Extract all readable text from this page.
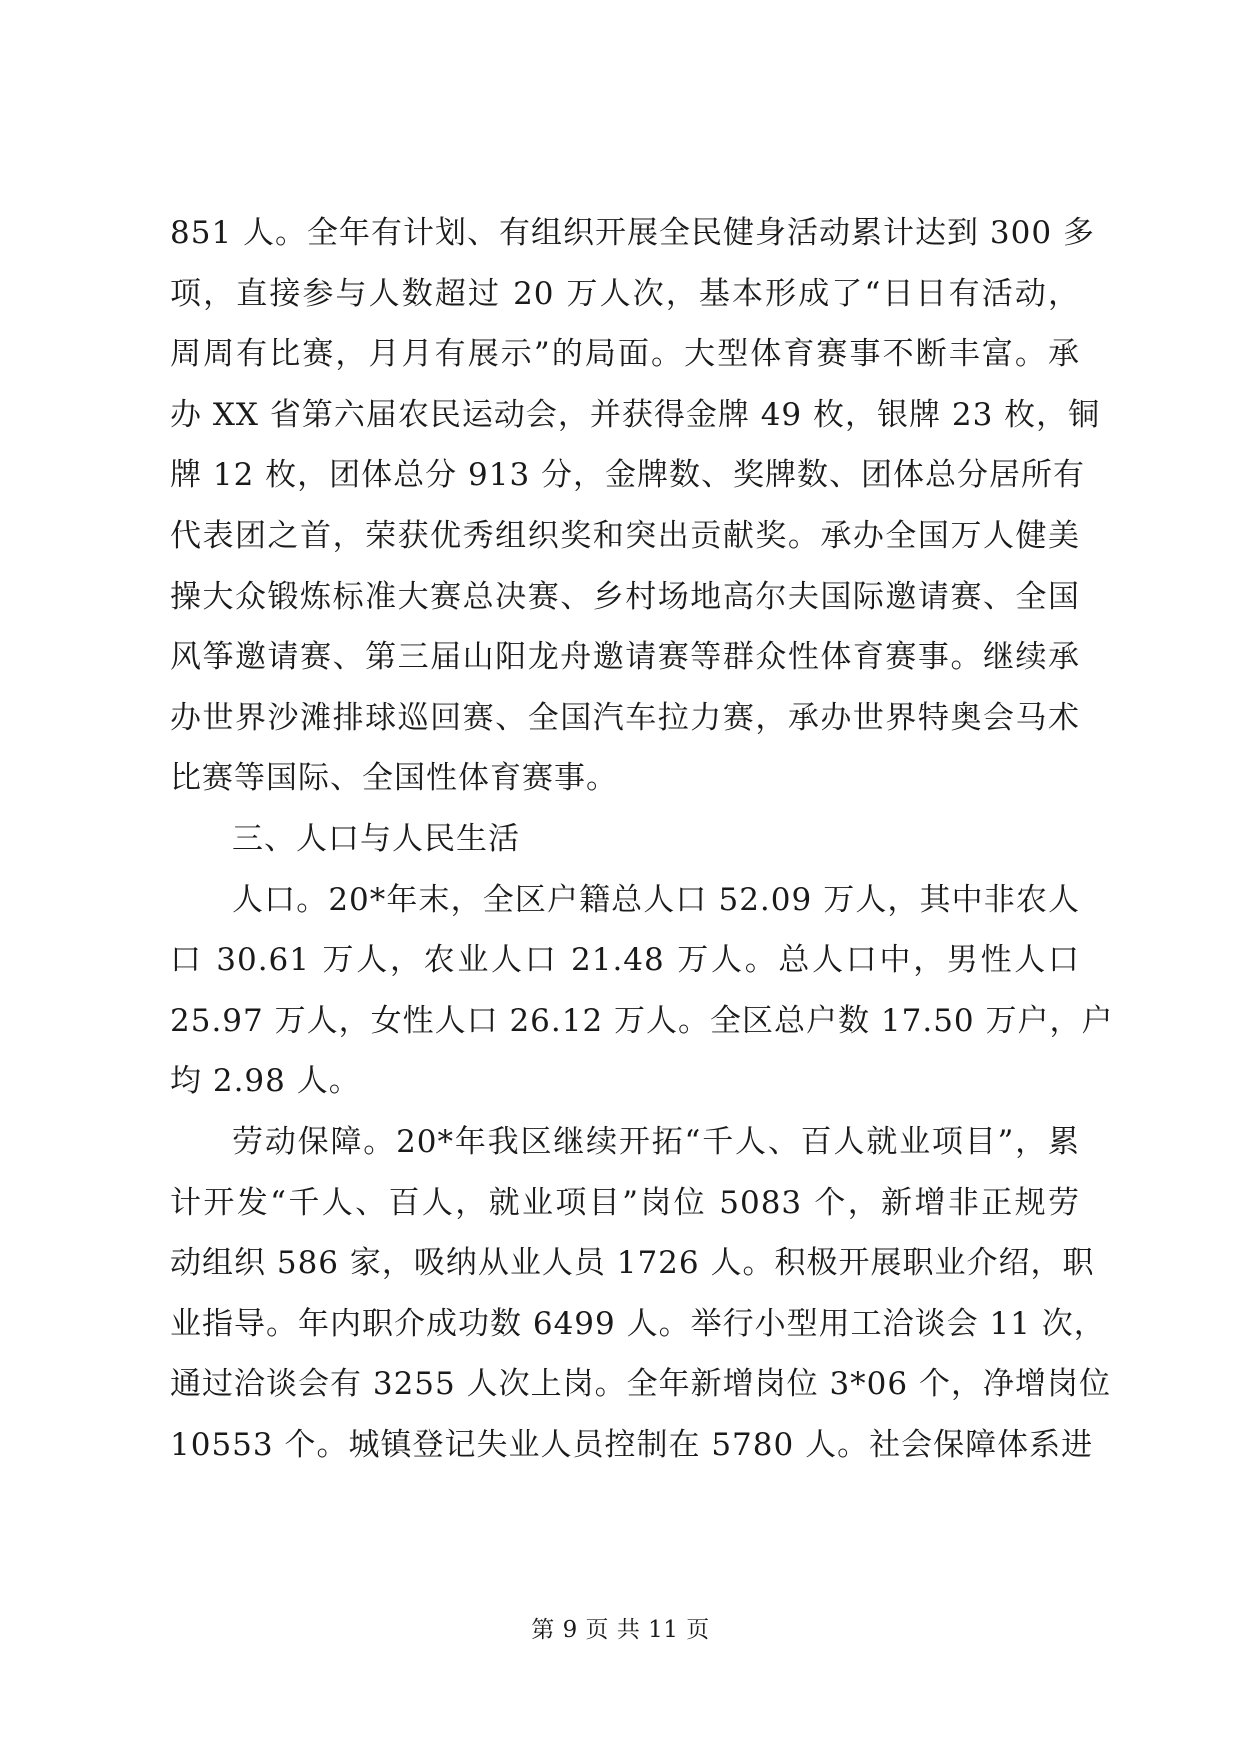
851 人。全年有计划、有组织开展全民健身活动累计达到 300 多
项，直接参与人数超过 20 万人次，基本形成了“日日有活动，
周周有比赛，月月有展示”的局面。大型体育赛事不断丰富。承
办 XX 省第六届农民运动会，并获得金牌 49 枚，银牌 23 枚，铜
牌 12 枚，团体总分 913 分，金牌数、奖牌数、团体总分居所有
代表团之首，荣获优秀组织奖和突出贡献奖。承办全国万人健美
操大众锻炼标准大赛总决赛、乡村场地高尔夫国际邀请赛、全国
风筝邀请赛、第三届山阳龙舟邀请赛等群众性体育赛事。继续承
办世界沙滩排球巡回赛、全国汽车拉力赛，承办世界特奥会马术
比赛等国际、全国性体育赛事。
三、人口与人民生活
人口。20*年末，全区户籍总人口 52.09 万人，其中非农人
口 30.61 万人，农业人口 21.48 万人。总人口中，男性人口
25.97 万人，女性人口 26.12 万人。全区总户数 17.50 万户，户
均 2.98 人。
劳动保障。20*年我区继续开拓“千人、百人就业项目”，累
计开发“千人、百人，就业项目”岗位 5083 个，新增非正规劳
动组织 586 家，吸纳从业人员 1726 人。积极开展职业介绍，职
业指导。年内职介成功数 6499 人。举行小型用工洽谈会 11 次，
通过洽谈会有 3255 人次上岗。全年新增岗位 3*06 个，净增岗位
10553 个。城镇登记失业人员控制在 5780 人。社会保障体系进
第 9 页 共 11 页
